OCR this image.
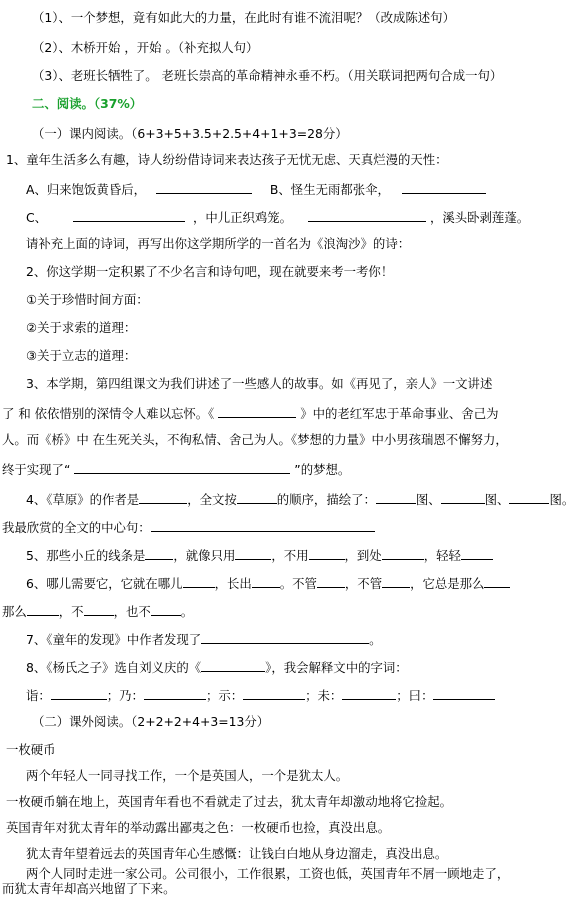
（1）、一个梦想，竟有如此大的力量，在此时有谁不流泪呢？（改成陈述句）
（2）、木桥开始 ，开始 。（补充拟人句）
（3）、老班长牺牲了。 老班长崇高的革命精神永垂不朽。（用关联词把两句合成一句）
二、阅读。（37%）
（一）课内阅读。（6+3+5+3.5+2.5+4+1+3=28分）
1、童年生活多么有趣，诗人纷纷借诗词来表达孩子无忧无虑、天真烂漫的天性：
A、归来饱饭黄昏后，	B、怪生无雨都张伞，
C、	，中儿正织鸡笼。	，溪头卧剥莲蓬。
请补充上面的诗词，再写出你这学期所学的一首名为《浪淘沙》的诗：
2、你这学期一定积累了不少名言和诗句吧，现在就要来考一考你！
①关于珍惜时间方面：
②关于求索的道理：
③关于立志的道理：
3、本学期，第四组课文为我们讲述了一些感人的故事。如《再见了，亲人》一文讲述
了 和 依依惜别的深情令人难以忘怀。《	》中的老红军忠于革命事业、舍己为
人。而《桥》中 在生死关头，不徇私情、舍己为人。《梦想的力量》中小男孩瑞恩不懈努力，
终于实现了“	”的梦想。
4、《草原》的作者是	，全文按	的顺序，描绘了：	图、	图、	图。
我最欣赏的全文的中心句：
5、那些小丘的线条是 ，就像只用	，不用	，到处	，轻轻
6、哪儿需要它，它就在哪儿	，长出 。不管 ，不管 ，它总是那么
那么	，不 ，也不 。
7、《童年的发现》中作者发现了	。
8、《杨氏之子》选自刘义庆的《	》，我会解释文中的字词：
诣：	；乃：	；示：	；未：	；曰：
（二）课外阅读。（2+2+2+4+3=13分）
一枚硬币
两个年轻人一同寻找工作，一个是英国人，一个是犹太人。
一枚硬币躺在地上，英国青年看也不看就走了过去，犹太青年却激动地将它捡起。
英国青年对犹太青年的举动露出鄙夷之色：一枚硬币也捡，真没出息。
犹太青年望着远去的英国青年心生感慨：让钱白白地从身边溜走，真没出息。
两个人同时走进一家公司。公司很小，工作很累，工资也低，英国青年不屑一顾地走了，
而犹太青年却高兴地留了下来。
